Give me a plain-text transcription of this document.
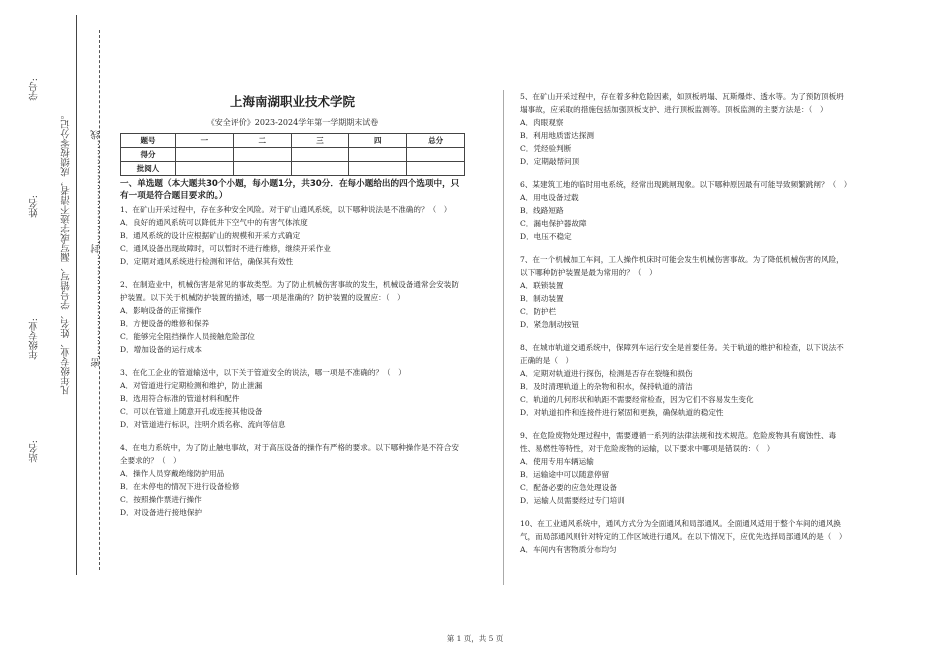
站名:
年级专业:
姓名:
学号:
凡年级专业、姓名、学号错写、漏写或字迹不清者，成绩按零分记。 密……………………………封……………………………线
上海南湖职业技术学院
《安全评价》2023-2024学年第一学期期末试卷
题号	一	二	三	四	总分
得分					
批阅人					
一、单选题（本大题共30个小题，每小题1分，共30分．在每小题给出的四个选项中，只有一项是符合题目要求的。）

1、在矿山开采过程中，存在多种安全风险。对于矿山通风系统，以下哪种说法是不准确的？（　）

A．良好的通风系统可以降低井下空气中的有害气体浓度

B．通风系统的设计应根据矿山的规模和开采方式确定

C．通风设备出现故障时，可以暂时不进行维修，继续开采作业

D．定期对通风系统进行检测和评估，确保其有效性

2、在制造业中，机械伤害是常见的事故类型。为了防止机械伤害事故的发生，机械设备通常会安装防护装置。以下关于机械防护装置的描述，哪一项是准确的？防护装置的设置应：（　）

A．影响设备的正常操作

B．方便设备的维修和保养

C．能够完全阻挡操作人员接触危险部位

D．增加设备的运行成本

3、在化工企业的管道输送中，以下关于管道安全的说法，哪一项是不准确的？（　）

A．对管道进行定期检测和维护，防止泄漏

B．选用符合标准的管道材料和配件

C．可以在管道上随意开孔或连接其他设备

D．对管道进行标识，注明介质名称、流向等信息

4、在电力系统中，为了防止触电事故，对于高压设备的操作有严格的要求。以下哪种操作是不符合安全要求的？（　）

A．操作人员穿戴绝缘防护用品

B．在未停电的情况下进行设备检修

C．按照操作票进行操作

D．对设备进行接地保护

5、在矿山开采过程中，存在着多种危险因素，如顶板坍塌、瓦斯爆炸、透水等。为了预防顶板坍塌事故，应采取的措施包括加强顶板支护、进行顶板监测等。顶板监测的主要方法是：（　）

A．肉眼观察

B．利用地质雷达探测

C．凭经验判断

D．定期敲帮问顶

6、某建筑工地的临时用电系统，经常出现跳闸现象。以下哪种原因最有可能导致频繁跳闸？（　）

A．用电设备过载

B．线路短路

C．漏电保护器故障

D．电压不稳定

7、在一个机械加工车间，工人操作机床时可能会发生机械伤害事故。为了降低机械伤害的风险，以下哪种防护装置是最为常用的？（　）

A．联锁装置

B．制动装置

C．防护栏

D．紧急制动按钮

8、在城市轨道交通系统中，保障列车运行安全是首要任务。关于轨道的维护和检查，以下说法不正确的是（　）

A．定期对轨道进行探伤，检测是否存在裂缝和损伤

B．及时清理轨道上的杂物和积水，保持轨道的清洁

C．轨道的几何形状和轨距不需要经常检查，因为它们不容易发生变化

D．对轨道扣件和连接件进行紧固和更换，确保轨道的稳定性

9、在危险废物处理过程中，需要遵循一系列的法律法规和技术规范。危险废物具有腐蚀性、毒性、易燃性等特性，对于危险废物的运输，以下要求中哪项是错误的：（　）

A．使用专用车辆运输

B．运输途中可以随意停留

C．配备必要的应急处理设备

D．运输人员需要经过专门培训

10、在工业通风系统中，通风方式分为全面通风和局部通风。全面通风适用于整个车间的通风换气，而局部通风则针对特定的工作区域进行通风。在以下情况下，应优先选择局部通风的是（　）

A．车间内有害物质分布均匀

第 1 页，共 5 页
